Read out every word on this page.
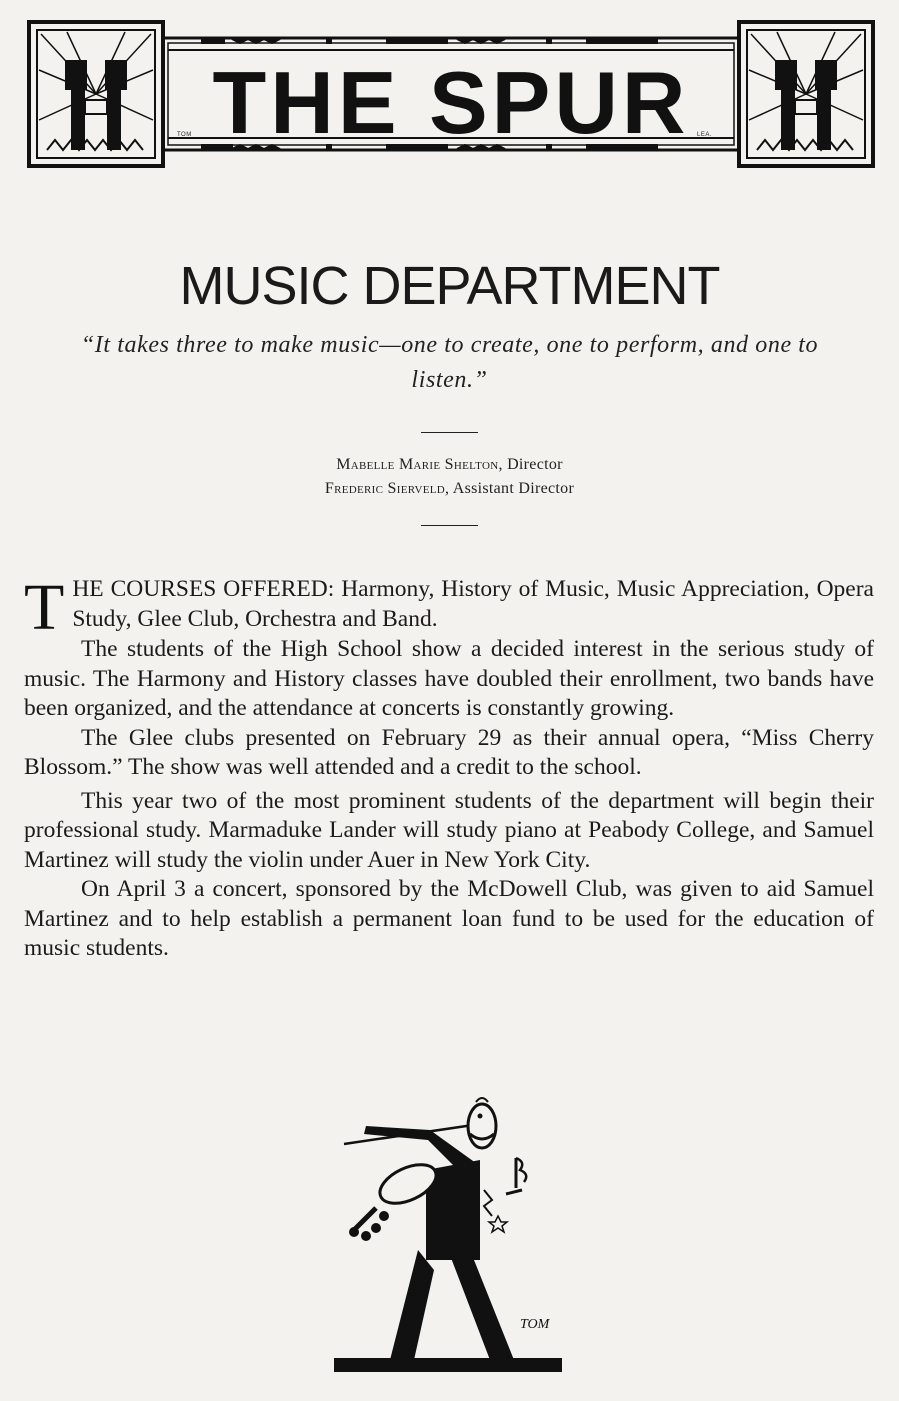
THE SPUR
TOM	LEA.
MUSIC DEPARTMENT
“It takes three to make music—one to create, one to perform, and one to listen.”
Mabelle Marie Shelton, Director
Frederic Sierveld, Assistant Director

THE COURSES OFFERED: Harmony, History of Music, Music Appreciation, Opera Study, Glee Club, Orchestra and Band.

The students of the High School show a decided interest in the serious study of music. The Harmony and History classes have doubled their enrollment, two bands have been organized, and the attendance at concerts is constantly growing.

The Glee clubs presented on February 29 as their annual opera, “Miss Cherry Blossom.” The show was well attended and a credit to the school.

This year two of the most prominent students of the department will begin their professional study. Marmaduke Lander will study piano at Peabody College, and Samuel Martinez will study the violin under Auer in New York City.

On April 3 a concert, sponsored by the McDowell Club, was given to aid Samuel Martinez and to help establish a permanent loan fund to be used for the education of music students.

TOM
